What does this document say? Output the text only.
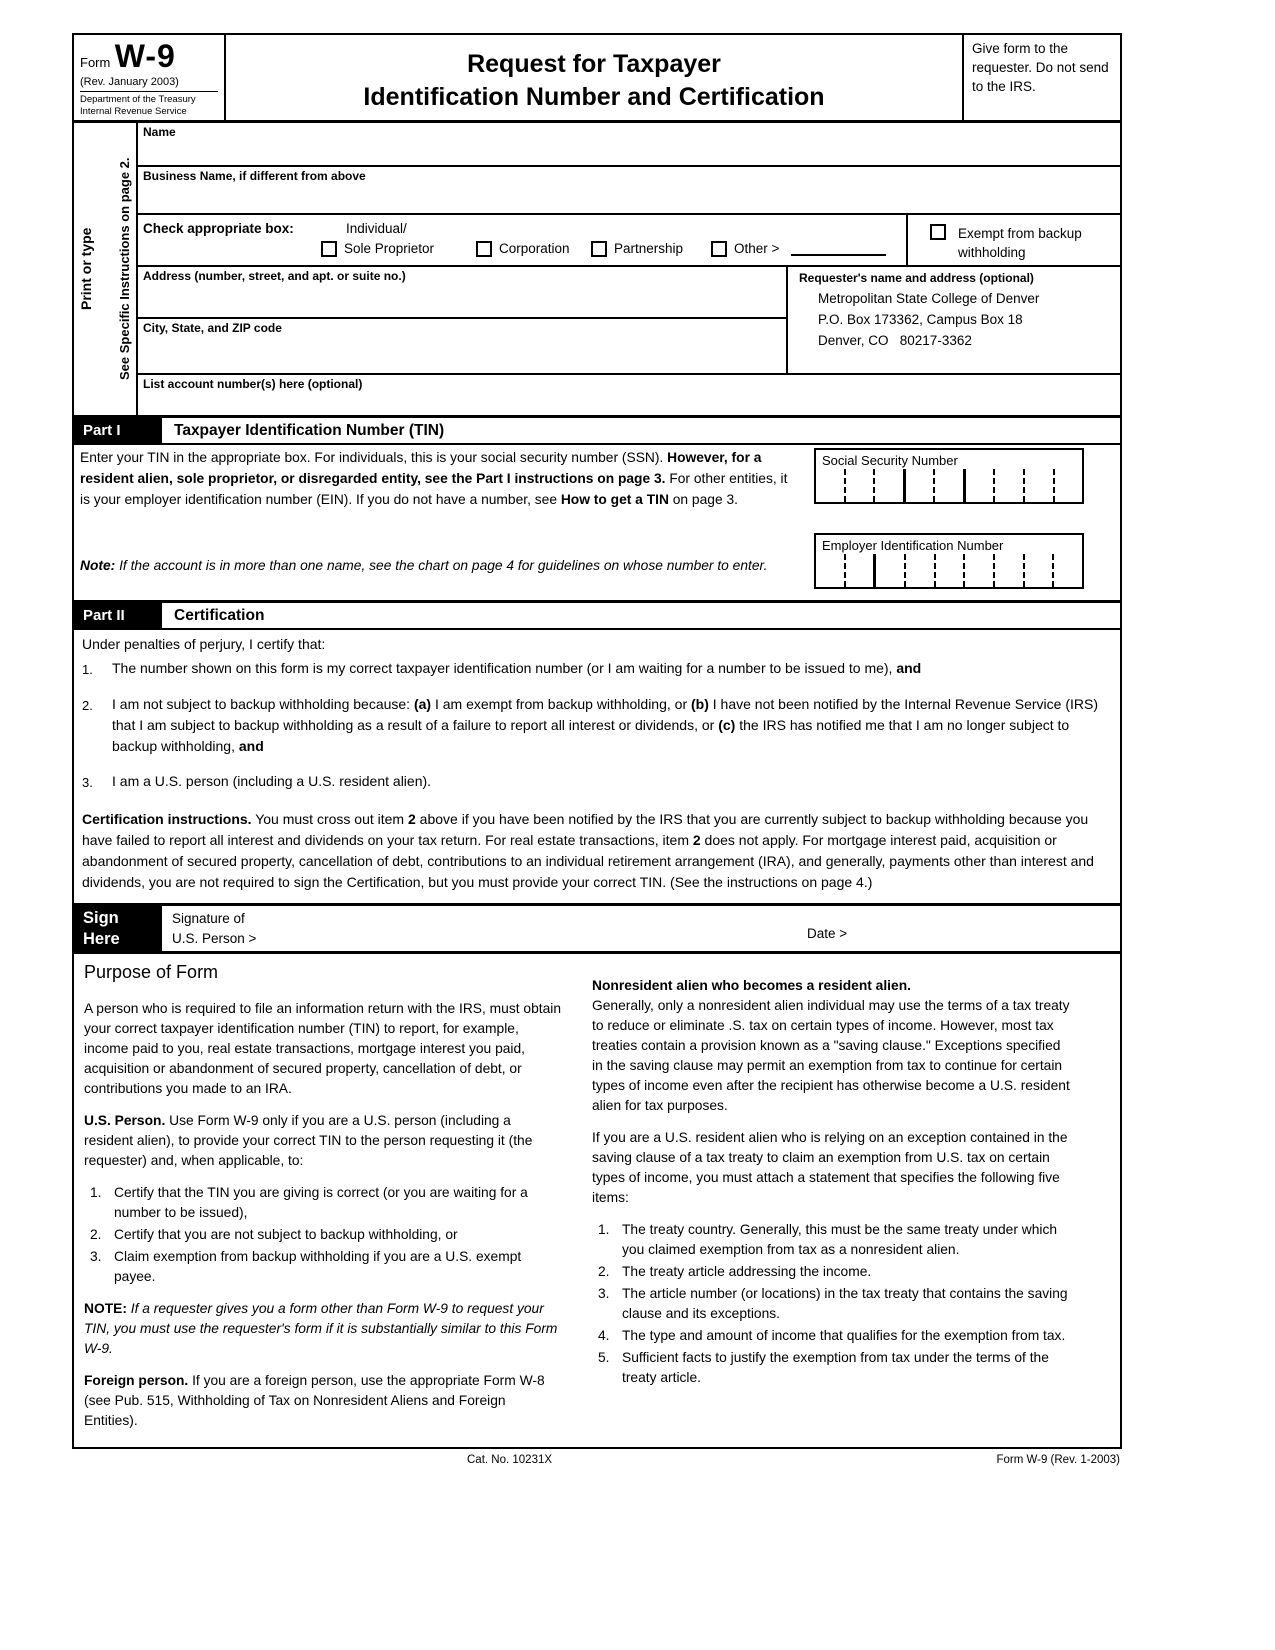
Form W-9
(Rev. January 2003)
Department of the Treasury
Internal Revenue Service
Request for Taxpayer
Identification Number and Certification
Give form to the requester. Do not send to the IRS.
Print or type See Specific Instructions on page 2.
Name
Business Name, if different from above
Check appropriate box:	Individual/
Sole Proprietor	Corporation	Partnership	Other >
Exempt from backup
withholding
Address (number, street, and apt. or suite no.)
City, State, and ZIP code
Requester's name and address (optional)
Metropolitan State College of Denver
P.O. Box 173362, Campus Box 18
Denver, CO   80217-3362
List account number(s) here (optional)
Part I	Taxpayer Identification Number (TIN)
Enter your TIN in the appropriate box. For individuals, this is your social security number (SSN). However, for a resident alien, sole proprietor, or disregarded entity, see the Part I instructions on page 3. For other entities, it is your employer identification number (EIN). If you do not have a number, see How to get a TIN on page 3.
Note: If the account is in more than one name, see the chart on page 4 for guidelines on whose number to enter.
Social Security Number
Employer Identification Number
Part II	Certification
Under penalties of perjury, I certify that:
1.	The number shown on this form is my correct taxpayer identification number (or I am waiting for a number to be issued to me), and
2.	I am not subject to backup withholding because: (a) I am exempt from backup withholding, or (b) I have not been notified by the Internal Revenue Service (IRS) that I am subject to backup withholding as a result of a failure to report all interest or dividends, or (c) the IRS has notified me that I am no longer subject to backup withholding, and
3.	I am a U.S. person (including a U.S. resident alien).
Certification instructions. You must cross out item 2 above if you have been notified by the IRS that you are currently subject to backup withholding because you have failed to report all interest and dividends on your tax return. For real estate transactions, item 2 does not apply. For mortgage interest paid, acquisition or abandonment of secured property, cancellation of debt, contributions to an individual retirement arrangement (IRA), and generally, payments other than interest and dividends, you are not required to sign the Certification, but you must provide your correct TIN. (See the instructions on page 4.)
Sign
Here
Signature of
U.S. Person >	Date >
Purpose of Form
A person who is required to file an information return with the IRS, must obtain your correct taxpayer identification number (TIN) to report, for example, income paid to you, real estate transactions, mortgage interest you paid, acquisition or abandonment of secured property, cancellation of debt, or contributions you made to an IRA.
U.S. Person. Use Form W-9 only if you are a U.S. person (including a resident alien), to provide your correct TIN to the person requesting it (the requester) and, when applicable, to:
1. Certify that the TIN you are giving is correct (or you are waiting for a number to be issued),
2. Certify that you are not subject to backup withholding, or
3. Claim exemption from backup withholding if you are a U.S. exempt payee.
NOTE: If a requester gives you a form other than Form W-9 to request your TIN, you must use the requester's form if it is substantially similar to this Form W-9.
Foreign person. If you are a foreign person, use the appropriate Form W-8 (see Pub. 515, Withholding of Tax on Nonresident Aliens and Foreign Entities).
Nonresident alien who becomes a resident alien.
Generally, only a nonresident alien individual may use the terms of a tax treaty to reduce or eliminate .S. tax on certain types of income. However, most tax treaties contain a provision known as a "saving clause." Exceptions specified in the saving clause may permit an exemption from tax to continue for certain types of income even after the recipient has otherwise become a U.S. resident alien for tax purposes.
If you are a U.S. resident alien who is relying on an exception contained in the saving clause of a tax treaty to claim an exemption from U.S. tax on certain types of income, you must attach a statement that specifies the following five items:
1. The treaty country. Generally, this must be the same treaty under which you claimed exemption from tax as a nonresident alien.
2. The treaty article addressing the income.
3. The article number (or locations) in the tax treaty that contains the saving clause and its exceptions.
4. The type and amount of income that qualifies for the exemption from tax.
5. Sufficient facts to justify the exemption from tax under the terms of the treaty article.
Cat. No. 10231X	Form W-9 (Rev. 1-2003)
